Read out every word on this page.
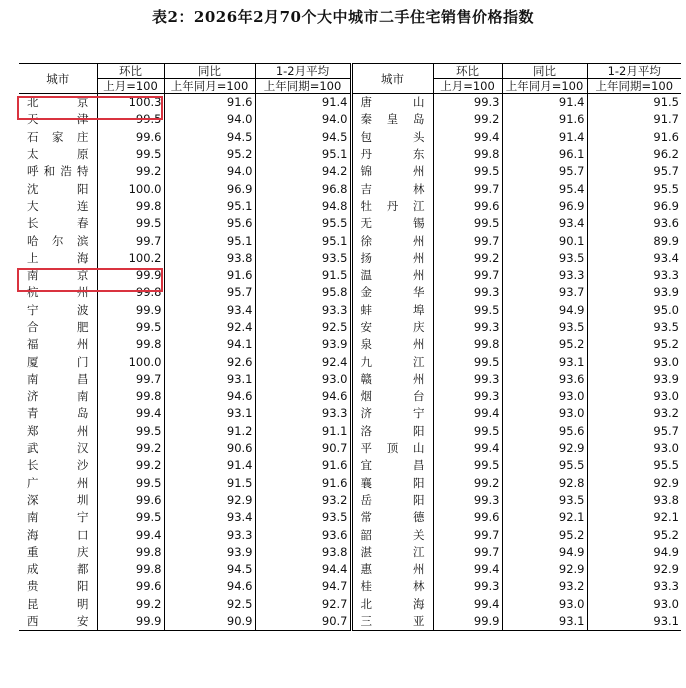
表2：2026年2月70个大中城市二手住宅销售价格指数
城市	环比	同比	1-2月平均	城市	环比	同比	1-2月平均
	上月=100	上年同月=100	上年同期=100		上月=100	上年同月=100	上年同期=100
北京	100.3	91.6	91.4	唐山	99.3	91.4	91.5
天津	99.5	94.0	94.0	秦皇岛	99.2	91.6	91.7
石家庄	99.6	94.5	94.5	包头	99.4	91.4	91.6
太原	99.5	95.2	95.1	丹东	99.8	96.1	96.2
呼和浩特	99.2	94.0	94.2	锦州	99.5	95.7	95.7
沈阳	100.0	96.9	96.8	吉林	99.7	95.4	95.5
大连	99.8	95.1	94.8	牡丹江	99.6	96.9	96.9
长春	99.5	95.6	95.5	无锡	99.5	93.4	93.6
哈尔滨	99.7	95.1	95.1	徐州	99.7	90.1	89.9
上海	100.2	93.8	93.5	扬州	99.2	93.5	93.4
南京	99.9	91.6	91.5	温州	99.7	93.3	93.3
杭州	99.8	95.7	95.8	金华	99.3	93.7	93.9
宁波	99.9	93.4	93.3	蚌埠	99.5	94.9	95.0
合肥	99.5	92.4	92.5	安庆	99.3	93.5	93.5
福州	99.8	94.1	93.9	泉州	99.8	95.2	95.2
厦门	100.0	92.6	92.4	九江	99.5	93.1	93.0
南昌	99.7	93.1	93.0	赣州	99.3	93.6	93.9
济南	99.8	94.6	94.6	烟台	99.3	93.0	93.0
青岛	99.4	93.1	93.3	济宁	99.4	93.0	93.2
郑州	99.5	91.2	91.1	洛阳	99.5	95.6	95.7
武汉	99.2	90.6	90.7	平顶山	99.4	92.9	93.0
长沙	99.2	91.4	91.6	宜昌	99.5	95.5	95.5
广州	99.5	91.5	91.6	襄阳	99.2	92.8	92.9
深圳	99.6	92.9	93.2	岳阳	99.3	93.5	93.8
南宁	99.5	93.4	93.5	常德	99.6	92.1	92.1
海口	99.4	93.3	93.6	韶关	99.7	95.2	95.2
重庆	99.8	93.9	93.8	湛江	99.7	94.9	94.9
成都	99.8	94.5	94.4	惠州	99.4	92.9	92.9
贵阳	99.6	94.6	94.7	桂林	99.3	93.2	93.3
昆明	99.2	92.5	92.7	北海	99.4	93.0	93.0
西安	99.9	90.9	90.7	三亚	99.9	93.1	93.1
